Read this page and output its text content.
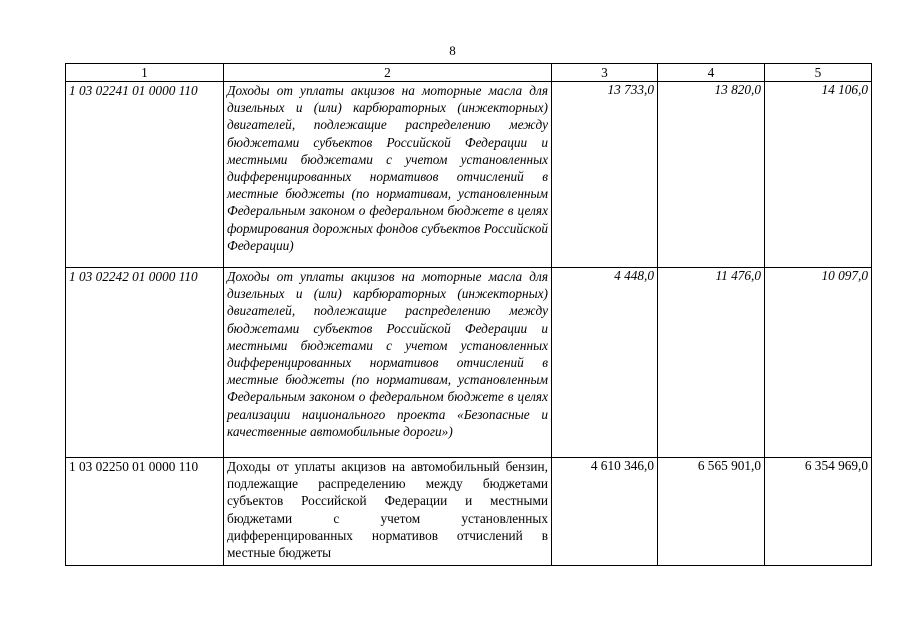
8
1	2	3	4	5
1 03 02241 01 0000 110	Доходы от уплаты акцизов на моторные масла для дизельных и (или) карбюраторных (инжекторных) двигателей, подлежащие распределению между бюджетами субъектов Российской Федерации и местными бюджетами с учетом установленных дифференцированных нормативов отчислений в местные бюджеты (по нормативам, установленным Федеральным законом о федеральном бюджете в целях формирования дорожных фондов субъектов Российской Федерации)	13 733,0	13 820,0	14 106,0
1 03 02242 01 0000 110	Доходы от уплаты акцизов на моторные масла для дизельных и (или) карбюраторных (инжекторных) двигателей, подлежащие распределению между бюджетами субъектов Российской Федерации и местными бюджетами с учетом установленных дифференцированных нормативов отчислений в местные бюджеты (по нормативам, установленным Федеральным законом о федеральном бюджете в целях реализации национального проекта «Безопасные и качественные автомобильные дороги»)	4 448,0	11 476,0	10 097,0
1 03 02250 01 0000 110	Доходы от уплаты акцизов на автомобильный бензин, подлежащие распределению между бюджетами субъектов Российской Федерации и местными бюджетами с учетом установленных дифференцированных нормативов отчислений в местные бюджеты	4 610 346,0	6 565 901,0	6 354 969,0
